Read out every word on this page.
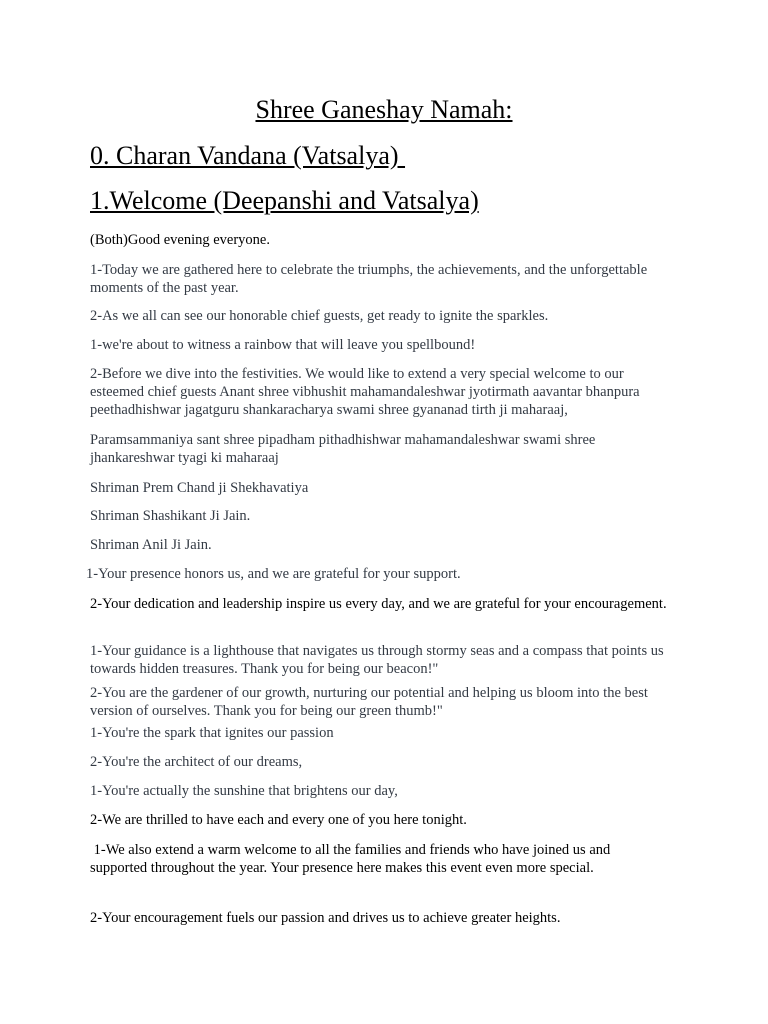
Shree Ganeshay Namah:
0. Charan Vandana (Vatsalya)
1.Welcome (Deepanshi and Vatsalya)

(Both)Good evening everyone.

1-Today we are gathered here to celebrate the triumphs, the achievements, and the unforgettable moments of the past year.

2-As we all can see our honorable chief guests, get ready to ignite the sparkles.

1-we're about to witness a rainbow that will leave you spellbound!

2-Before we dive into the festivities. We would like to extend a very special welcome to our esteemed chief guests Anant shree vibhushit mahamandaleshwar jyotirmath aavantar bhanpura peethadhishwar jagatguru shankaracharya swami shree gyananad tirth ji maharaaj,

Paramsammaniya sant shree pipadham pithadhishwar mahamandaleshwar swami shree jhankareshwar tyagi ki maharaaj

Shriman Prem Chand ji Shekhavatiya

Shriman Shashikant Ji Jain.

Shriman Anil Ji Jain.

1-Your presence honors us, and we are grateful for your support.

2-Your dedication and leadership inspire us every day, and we are grateful for your encouragement.

1-Your guidance is a lighthouse that navigates us through stormy seas and a compass that points us towards hidden treasures. Thank you for being our beacon!"

2-You are the gardener of our growth, nurturing our potential and helping us bloom into the best version of ourselves. Thank you for being our green thumb!"

1-You're the spark that ignites our passion

2-You're the architect of our dreams,

1-You're actually the sunshine that brightens our day,

2-We are thrilled to have each and every one of you here tonight.

1-We also extend a warm welcome to all the families and friends who have joined us and supported throughout the year. Your presence here makes this event even more special.

2-Your encouragement fuels our passion and drives us to achieve greater heights.
